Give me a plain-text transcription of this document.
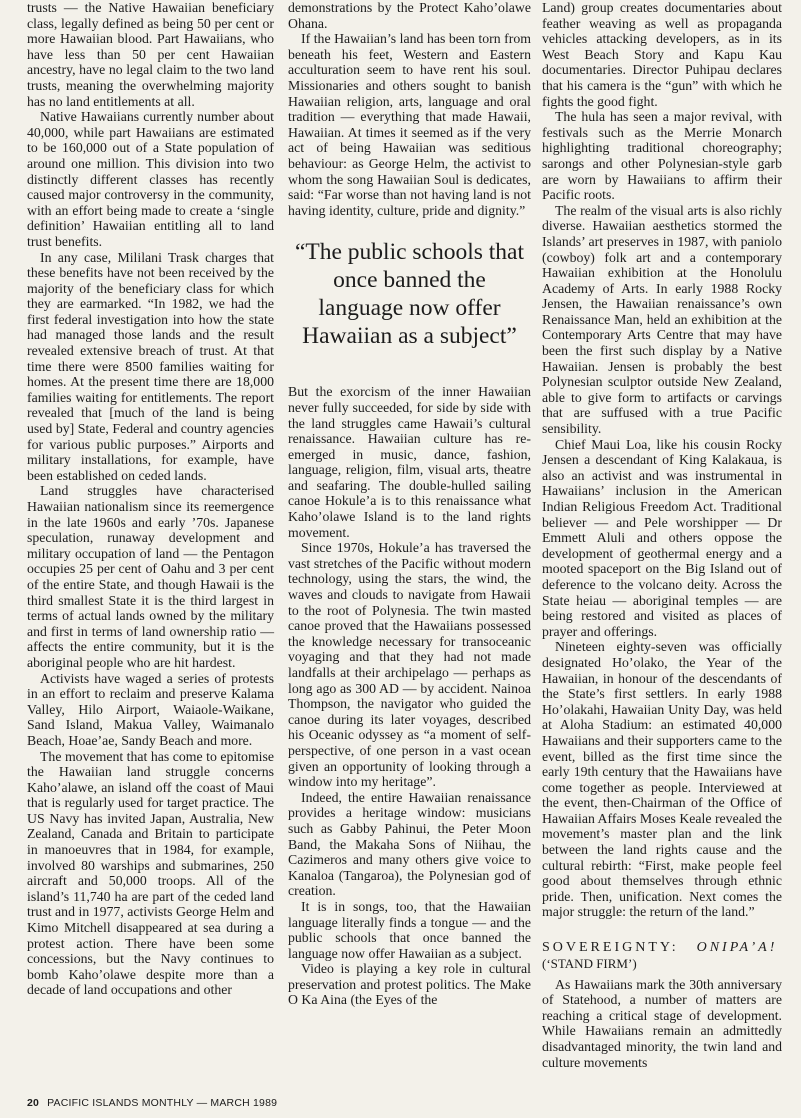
trusts — the Native Hawaiian beneficiary class, legally defined as being 50 per cent or more Hawaiian blood. Part Hawaiians, who have less than 50 per cent Hawaiian ancestry, have no legal claim to the two land trusts, meaning the overwhelming majority has no land entitlements at all.

Native Hawaiians currently number about 40,000, while part Hawaiians are estimated to be 160,000 out of a State population of around one million. This division into two distinctly different classes has recently caused major controversy in the community, with an effort being made to create a ‘single definition’ Hawaiian entitling all to land trust benefits.

In any case, Mililani Trask charges that these benefits have not been received by the majority of the beneficiary class for which they are earmarked. “In 1982, we had the first federal investigation into how the state had managed those lands and the result revealed extensive breach of trust. At that time there were 8500 families waiting for homes. At the present time there are 18,000 families waiting for entitlements. The report revealed that [much of the land is being used by] State, Federal and country agencies for various public purposes.” Airports and military installations, for example, have been established on ceded lands.

Land struggles have characterised Hawaiian nationalism since its reemergence in the late 1960s and early ’70s. Japanese speculation, runaway development and military occupation of land — the Pentagon occupies 25 per cent of Oahu and 3 per cent of the entire State, and though Hawaii is the third smallest State it is the third largest in terms of actual lands owned by the military and first in terms of land ownership ratio — affects the entire community, but it is the aboriginal people who are hit hardest.

Activists have waged a series of protests in an effort to reclaim and preserve Kalama Valley, Hilo Airport, Waiaole-Waikane, Sand Island, Makua Valley, Waimanalo Beach, Hoae’ae, Sandy Beach and more.

The movement that has come to epitomise the Hawaiian land struggle concerns Kaho’alawe, an island off the coast of Maui that is regularly used for target practice. The US Navy has invited Japan, Australia, New Zealand, Canada and Britain to participate in manoeuvres that in 1984, for example, involved 80 warships and submarines, 250 aircraft and 50,000 troops. All of the island’s 11,740 ha are part of the ceded land trust and in 1977, activists George Helm and Kimo Mitchell disappeared at sea during a protest action. There have been some concessions, but the Navy continues to bomb Kaho’olawe despite more than a decade of land occupations and other

demonstrations by the Protect Kaho’olawe Ohana.

If the Hawaiian’s land has been torn from beneath his feet, Western and Eastern acculturation seem to have rent his soul. Missionaries and others sought to banish Hawaiian religion, arts, language and oral tradition — everything that made Hawaii, Hawaiian. At times it seemed as if the very act of being Hawaiian was seditious behaviour: as George Helm, the activist to whom the song Hawaiian Soul is dedicates, said: “Far worse than not having land is not having identity, culture, pride and dignity.”

“The public schools that once banned the language now offer Hawaiian as a subject”

But the exorcism of the inner Hawaiian never fully succeeded, for side by side with the land struggles came Hawaii’s cultural renaissance. Hawaiian culture has re-emerged in music, dance, fashion, language, religion, film, visual arts, theatre and seafaring. The double-hulled sailing canoe Hokule’a is to this renaissance what Kaho’olawe Island is to the land rights movement.

Since 1970s, Hokule’a has traversed the vast stretches of the Pacific without modern technology, using the stars, the wind, the waves and clouds to navigate from Hawaii to the root of Polynesia. The twin masted canoe proved that the Hawaiians possessed the knowledge necessary for transoceanic voyaging and that they had not made landfalls at their archipelago — perhaps as long ago as 300 AD — by accident. Nainoa Thompson, the navigator who guided the canoe during its later voyages, described his Oceanic odyssey as “a moment of self-perspective, of one person in a vast ocean given an opportunity of looking through a window into my heritage”.

Indeed, the entire Hawaiian renaissance provides a heritage window: musicians such as Gabby Pahinui, the Peter Moon Band, the Makaha Sons of Niihau, the Cazimeros and many others give voice to Kanaloa (Tangaroa), the Polynesian god of creation.

It is in songs, too, that the Hawaiian language literally finds a tongue — and the public schools that once banned the language now offer Hawaiian as a subject.

Video is playing a key role in cultural preservation and protest politics. The Make O Ka Aina (the Eyes of the

Land) group creates documentaries about feather weaving as well as propaganda vehicles attacking developers, as in its West Beach Story and Kapu Kau documentaries. Director Puhipau declares that his camera is the “gun” with which he fights the good fight.

The hula has seen a major revival, with festivals such as the Merrie Monarch highlighting traditional choreography; sarongs and other Polynesian-style garb are worn by Hawaiians to affirm their Pacific roots.

The realm of the visual arts is also richly diverse. Hawaiian aesthetics stormed the Islands’ art preserves in 1987, with paniolo (cowboy) folk art and a contemporary Hawaiian exhibition at the Honolulu Academy of Arts. In early 1988 Rocky Jensen, the Hawaiian renaissance’s own Renaissance Man, held an exhibition at the Contemporary Arts Centre that may have been the first such display by a Native Hawaiian. Jensen is probably the best Polynesian sculptor outside New Zealand, able to give form to artifacts or carvings that are suffused with a true Pacific sensibility.

Chief Maui Loa, like his cousin Rocky Jensen a descendant of King Kalakaua, is also an activist and was instrumental in Hawaiians’ inclusion in the American Indian Religious Freedom Act. Traditional believer — and Pele worshipper — Dr Emmett Aluli and others oppose the development of geothermal energy and a mooted spaceport on the Big Island out of deference to the volcano deity. Across the State heiau — aboriginal temples — are being restored and visited as places of prayer and offerings.

Nineteen eighty-seven was officially designated Ho’olako, the Year of the Hawaiian, in honour of the descendants of the State’s first settlers. In early 1988 Ho’olakahi, Hawaiian Unity Day, was held at Aloha Stadium: an estimated 40,000 Hawaiians and their supporters came to the event, billed as the first time since the early 19th century that the Hawaiians have come together as people. Interviewed at the event, then-Chairman of the Office of Hawaiian Affairs Moses Keale revealed the movement’s master plan and the link between the land rights cause and the cultural rebirth: “First, make people feel good about themselves through ethnic pride. Then, unification. Next comes the major struggle: the return of the land.”

SOVEREIGNTY: ONIPA’A!
(‘STAND FIRM’)

As Hawaiians mark the 30th anniversary of Statehood, a number of matters are reaching a critical stage of development. While Hawaiians remain an admittedly disadvantaged minority, the twin land and culture movements

20 PACIFIC ISLANDS MONTHLY — MARCH 1989
